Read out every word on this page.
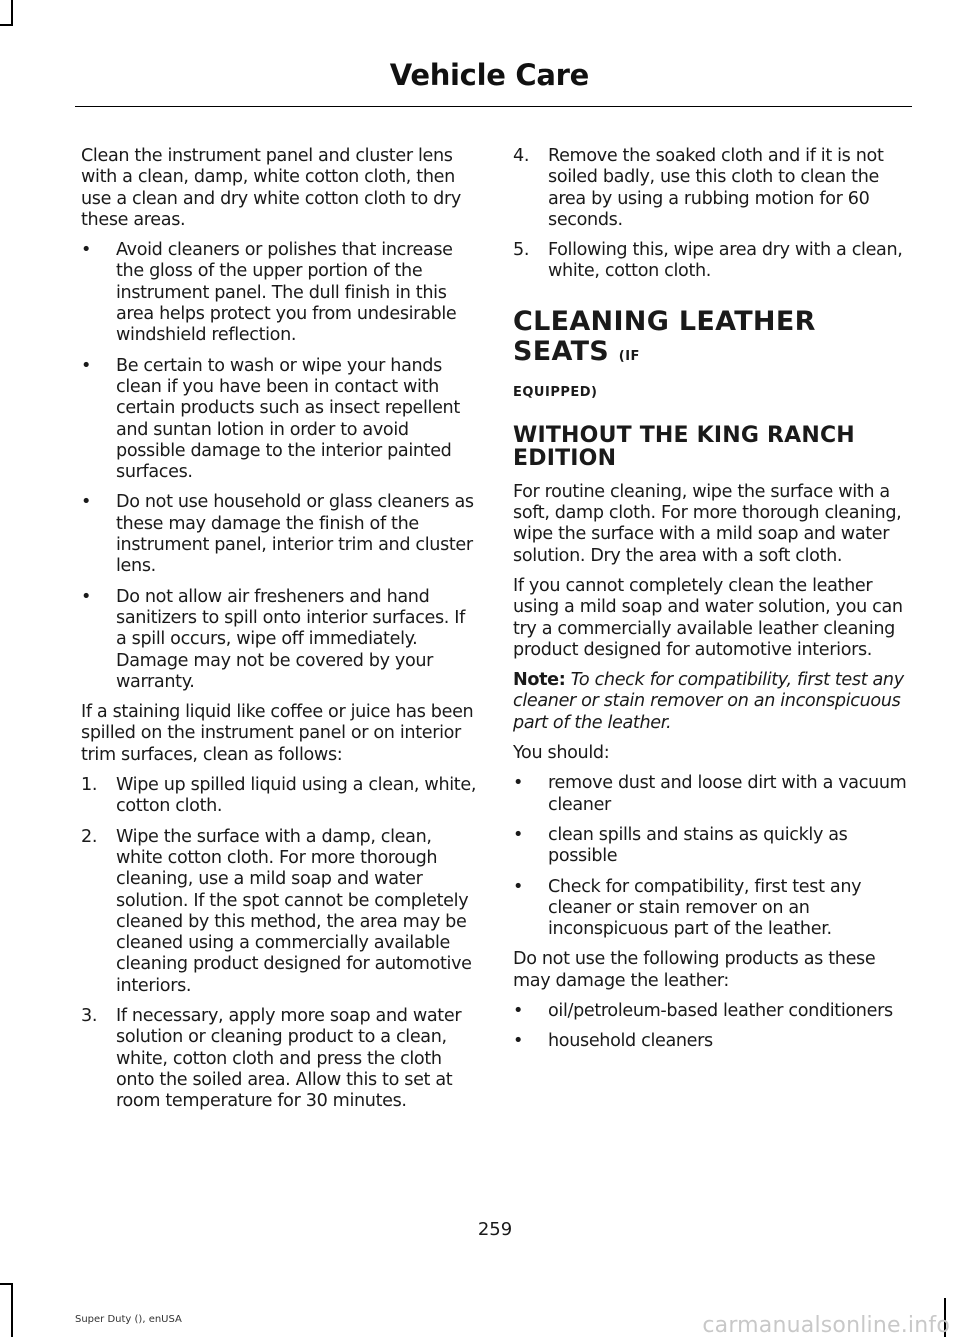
Vehicle Care

Clean the instrument panel and cluster lens with a clean, damp, white cotton cloth, then use a clean and dry white cotton cloth to dry these areas.

• Avoid cleaners or polishes that increase the gloss of the upper portion of the instrument panel. The dull finish in this area helps protect you from undesirable windshield reflection.
• Be certain to wash or wipe your hands clean if you have been in contact with certain products such as insect repellent and suntan lotion in order to avoid possible damage to the interior painted surfaces.
• Do not use household or glass cleaners as these may damage the finish of the instrument panel, interior trim and cluster lens.
• Do not allow air fresheners and hand sanitizers to spill onto interior surfaces. If a spill occurs, wipe off immediately. Damage may not be covered by your warranty.

If a staining liquid like coffee or juice has been spilled on the instrument panel or on interior trim surfaces, clean as follows:

1. Wipe up spilled liquid using a clean, white, cotton cloth.
2. Wipe the surface with a damp, clean, white cotton cloth. For more thorough cleaning, use a mild soap and water solution. If the spot cannot be completely cleaned by this method, the area may be cleaned using a commercially available cleaning product designed for automotive interiors.
3. If necessary, apply more soap and water solution or cleaning product to a clean, white, cotton cloth and press the cloth onto the soiled area. Allow this to set at room temperature for 30 minutes.
4. Remove the soaked cloth and if it is not soiled badly, use this cloth to clean the area by using a rubbing motion for 60 seconds.
5. Following this, wipe area dry with a clean, white, cotton cloth.
CLEANING LEATHER SEATS (IF
EQUIPPED)
WITHOUT THE KING RANCH EDITION

For routine cleaning, wipe the surface with a soft, damp cloth. For more thorough cleaning, wipe the surface with a mild soap and water solution. Dry the area with a soft cloth.

If you cannot completely clean the leather using a mild soap and water solution, you can try a commercially available leather cleaning product designed for automotive interiors.

Note: To check for compatibility, first test any cleaner or stain remover on an inconspicuous part of the leather.

You should:

• remove dust and loose dirt with a vacuum cleaner
• clean spills and stains as quickly as possible
• Check for compatibility, first test any cleaner or stain remover on an inconspicuous part of the leather.

Do not use the following products as these may damage the leather:

• oil/petroleum-based leather conditioners
• household cleaners
259
Super Duty (), enUSA	carmanualsonline.info
